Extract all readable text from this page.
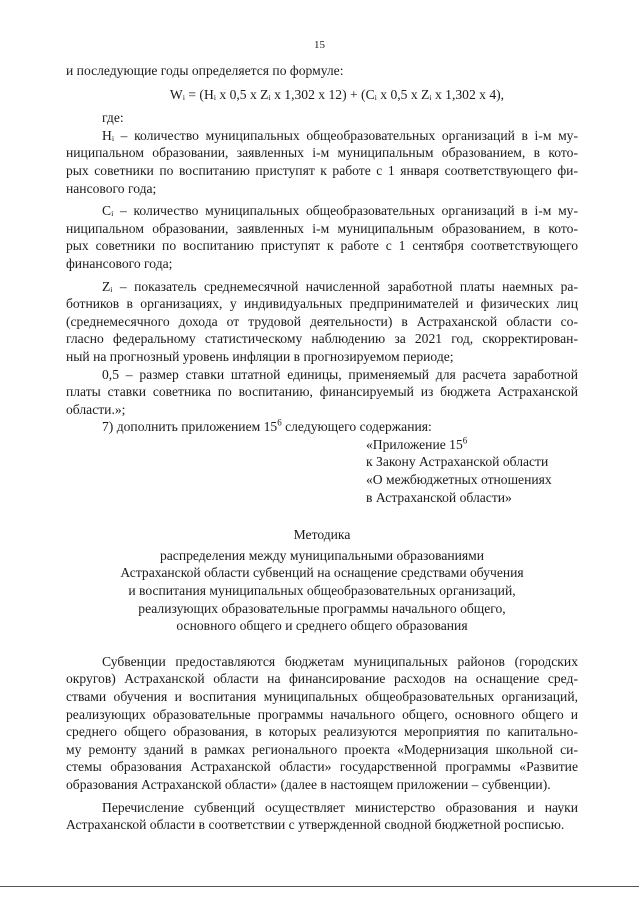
15

и последующие годы определяется по формуле:

Wᵢ = (Hᵢ x 0,5 x Zᵢ x 1,302 x 12) + (Cᵢ x 0,5 x Zᵢ x 1,302 x 4),

где:

Hᵢ – количество муниципальных общеобразовательных организаций в i-м му-

ниципальном образовании, заявленных i-м муниципальным образованием, в кото-

рых советники по воспитанию приступят к работе с 1 января соответствующего фи-

нансового года;

Cᵢ – количество муниципальных общеобразовательных организаций в i-м му-

ниципальном образовании, заявленных i-м муниципальным образованием, в кото-

рых советники по воспитанию приступят к работе с 1 сентября соответствующего

финансового года;

Zᵢ – показатель среднемесячной начисленной заработной платы наемных ра-

ботников в организациях, у индивидуальных предпринимателей и физических лиц

(среднемесячного дохода от трудовой деятельности) в Астраханской области со-

гласно федеральному статистическому наблюдению за 2021 год, скорректирован-

ный на прогнозный уровень инфляции в прогнозируемом периоде;

0,5 – размер ставки штатной единицы, применяемый для расчета заработной

платы ставки советника по воспитанию, финансируемый из бюджета Астраханской

области.»;

7) дополнить приложением $15^6$ следующего содержания:

«Приложение $15^6$

к Закону Астраханской области

«О межбюджетных отношениях

в Астраханской области»

Методика

распределения между муниципальными образованиями

Астраханской области субвенций на оснащение средствами обучения

и воспитания муниципальных общеобразовательных организаций,

реализующих образовательные программы начального общего,

основного общего и среднего общего образования

Субвенции предоставляются бюджетам муниципальных районов (городских

округов) Астраханской области на финансирование расходов на оснащение сред-

ствами обучения и воспитания муниципальных общеобразовательных организаций,

реализующих образовательные программы начального общего, основного общего и

среднего общего образования, в которых реализуются мероприятия по капитально-

му ремонту зданий в рамках регионального проекта «Модернизация школьной си-

стемы образования Астраханской области» государственной программы «Развитие

образования Астраханской области» (далее в настоящем приложении – субвенции).

Перечисление субвенций осуществляет министерство образования и науки

Астраханской области в соответствии с утвержденной сводной бюджетной росписью.
